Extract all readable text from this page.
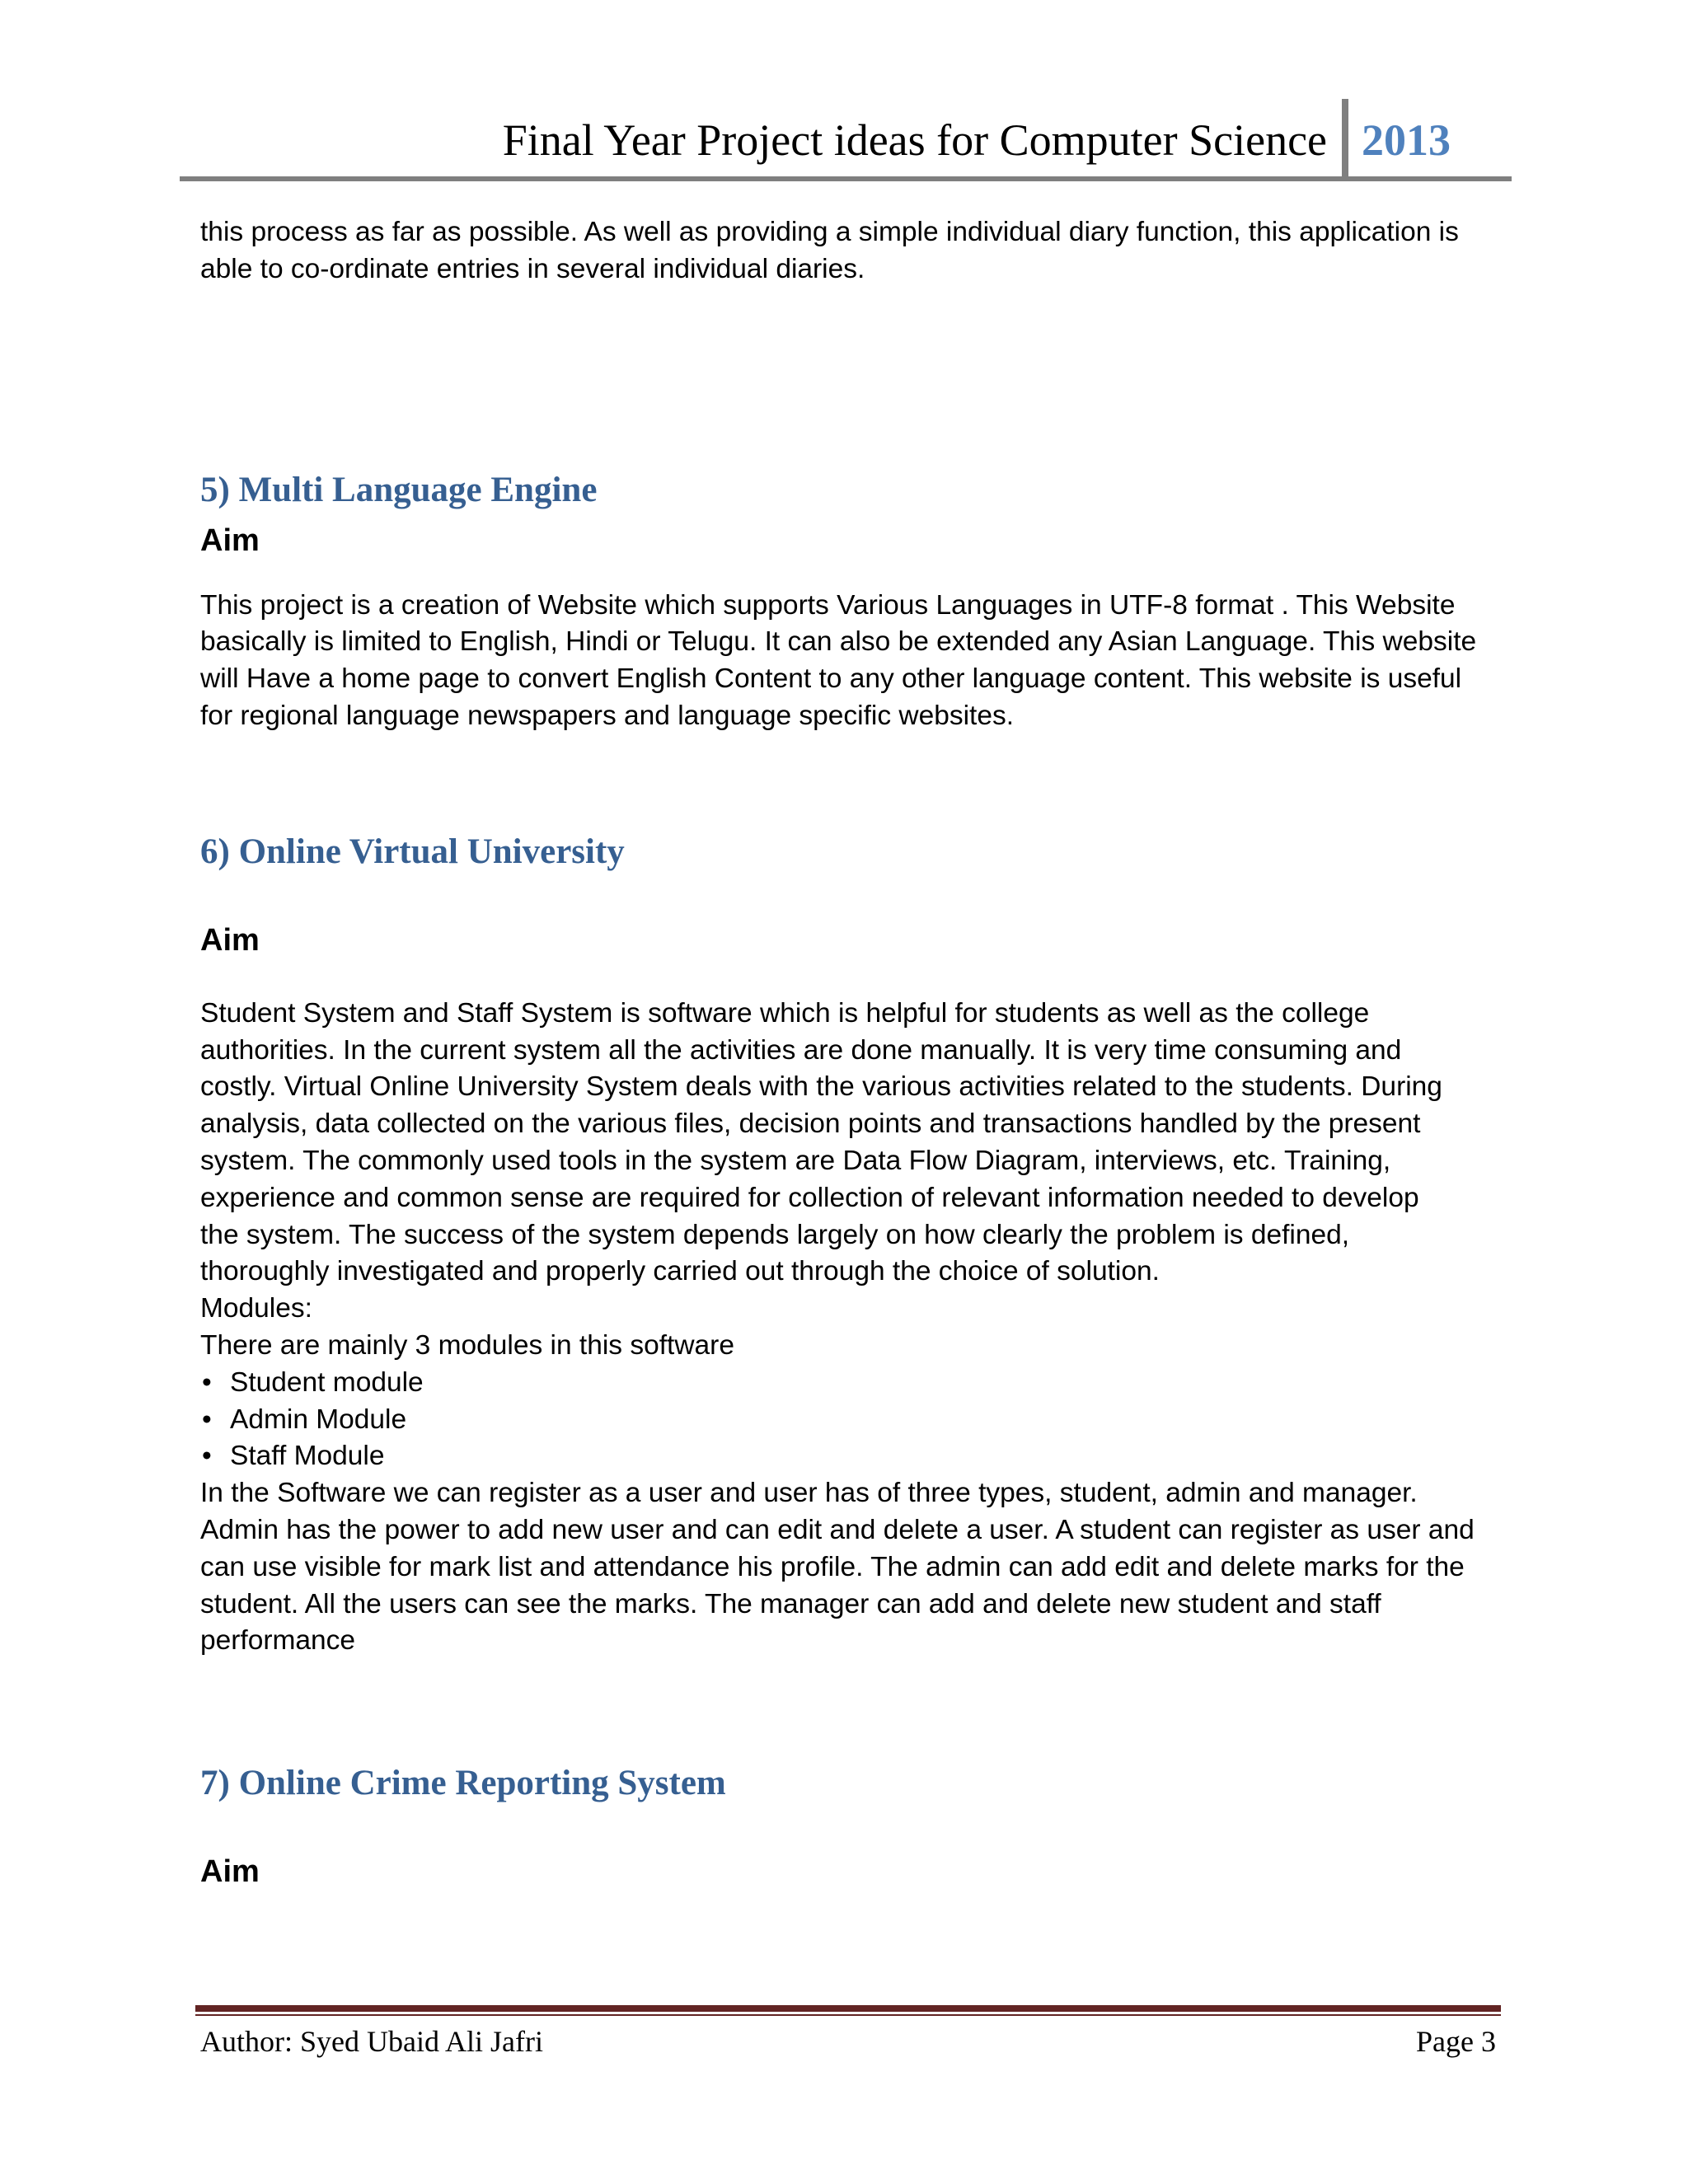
Final Year Project ideas for Computer Science 2013

this process as far as possible. As well as providing a simple individual diary function, this application is

able to co-ordinate entries in several individual diaries.

5) Multi Language Engine
Aim

This project is a creation of Website which supports Various Languages in UTF-8 format . This Website

basically is limited to English, Hindi or Telugu. It can also be extended any Asian Language. This website

will Have a home page to convert English Content to any other language content. This website is useful

for regional language newspapers and language specific websites.

6) Online Virtual University
Aim

Student System and Staff System is software which is helpful for students as well as the college

authorities. In the current system all the activities are done manually. It is very time consuming and

costly. Virtual Online University System deals with the various activities related to the students. During

analysis, data collected on the various files, decision points and transactions handled by the present

system. The commonly used tools in the system are Data Flow Diagram, interviews, etc. Training,

experience and common sense are required for collection of relevant information needed to develop

the system. The success of the system depends largely on how clearly the problem is defined,

thoroughly investigated and properly carried out through the choice of solution.

Modules:

There are mainly 3 modules in this software

• Student module
• Admin Module
• Staff Module

In the Software we can register as a user and user has of three types, student, admin and manager.

Admin has the power to add new user and can edit and delete a user. A student can register as user and

can use visible for mark list and attendance his profile. The admin can add edit and delete marks for the

student. All the users can see the marks. The manager can add and delete new student and staff

performance

7) Online Crime Reporting System
Aim
Author: Syed Ubaid Ali Jafri	Page 3
